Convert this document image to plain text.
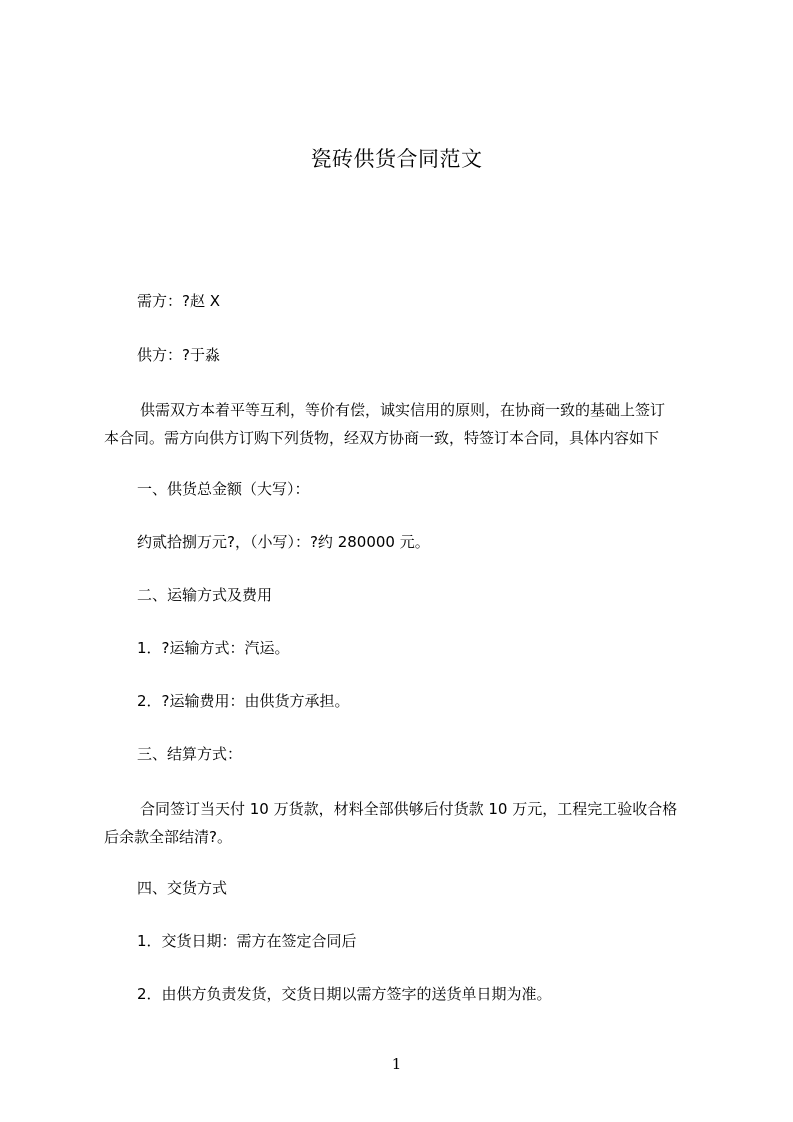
瓷砖供货合同范文
需方：?赵 X
供方：?于淼
供需双方本着平等互利，等价有偿，诚实信用的原则，在协商一致的基础上签订
本合同。需方向供方订购下列货物，经双方协商一致，特签订本合同，具体内容如下
一、供货总金额（大写）：
约贰拾捌万元?，（小写）：?约 280000 元。
二、运输方式及费用
1．?运输方式：汽运。
2．?运输费用：由供货方承担。
三、结算方式：
合同签订当天付 10 万货款，材料全部供够后付货款 10 万元，工程完工验收合格
后余款全部结清?。
四、交货方式
1．交货日期：需方在签定合同后
2．由供方负责发货，交货日期以需方签字的送货单日期为准。
1
